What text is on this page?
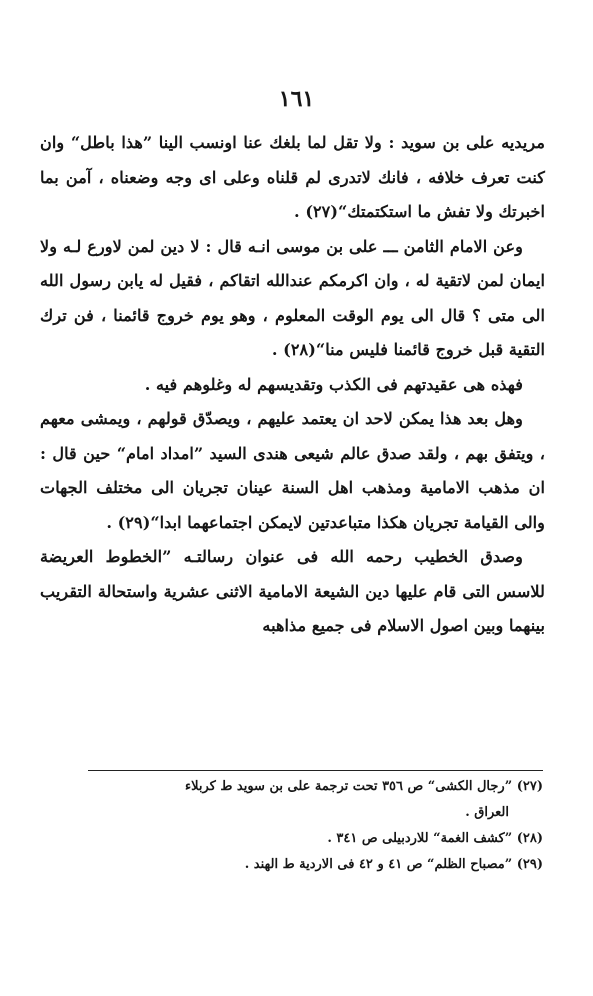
١٦١

مريديه على بن سويد : ولا تقل لما بلغك عنا اونسب الينا ”هذا باطل“ وان كنت تعرف خلافه ، فانك لاتدرى لم قلناه وعلى اى وجه وضعناه ، آمن بما اخبرتك ولا تفش ما استكتمتك“(٢٧) .

وعن الامام الثامن ـــ على بن موسى انـه قال : لا دين لمن لاورع لـه ولا ايمان لمن لاتقية له ، وان اكرمكم عندالله اتقاكم ، فقيل له يابن رسول الله الى متى ؟ قال الى يوم الوقت المعلوم ، وهو يوم خروج قائمنا ، فن ترك التقية قبل خروج قائمنا فليس منا“(٢٨) .

فهذه هى عقيدتهم فى الكذب وتقديسهم له وغلوهم فيه .

وهل بعد هذا يمكن لاحد ان يعتمد عليهم ، ويصدّق قولهم ، ويمشى معهم ، ويتفق بهم ، ولقد صدق عالم شيعى هندى السيد ”امداد امام“ حين قال : ان مذهب الامامية ومذهب اهل السنة عينان تجريان الى مختلف الجهات والى القيامة تجريان هكذا متباعدتين لايمكن اجتماعهما ابدا“(٢٩) .

وصدق الخطيب رحمه الله فى عنوان رسالتـه ”الخطوط العريضة للاسس التى قام عليها دين الشيعة الامامية الاثنى عشرية واستحالة التقريب بينهما وبين اصول الاسلام فى جميع مذاهبه

(٢٧) ”رجال الكشى“ ص ٣٥٦ تحت ترجمة على بن سويد ط كربلاء

العراق .

(٢٨) ”كشف الغمة“ للاردبيلى ص ٣٤١ .

(٢٩) ”مصباح الظلم“ ص ٤١ و ٤٢ فى الاردية ط الهند .
